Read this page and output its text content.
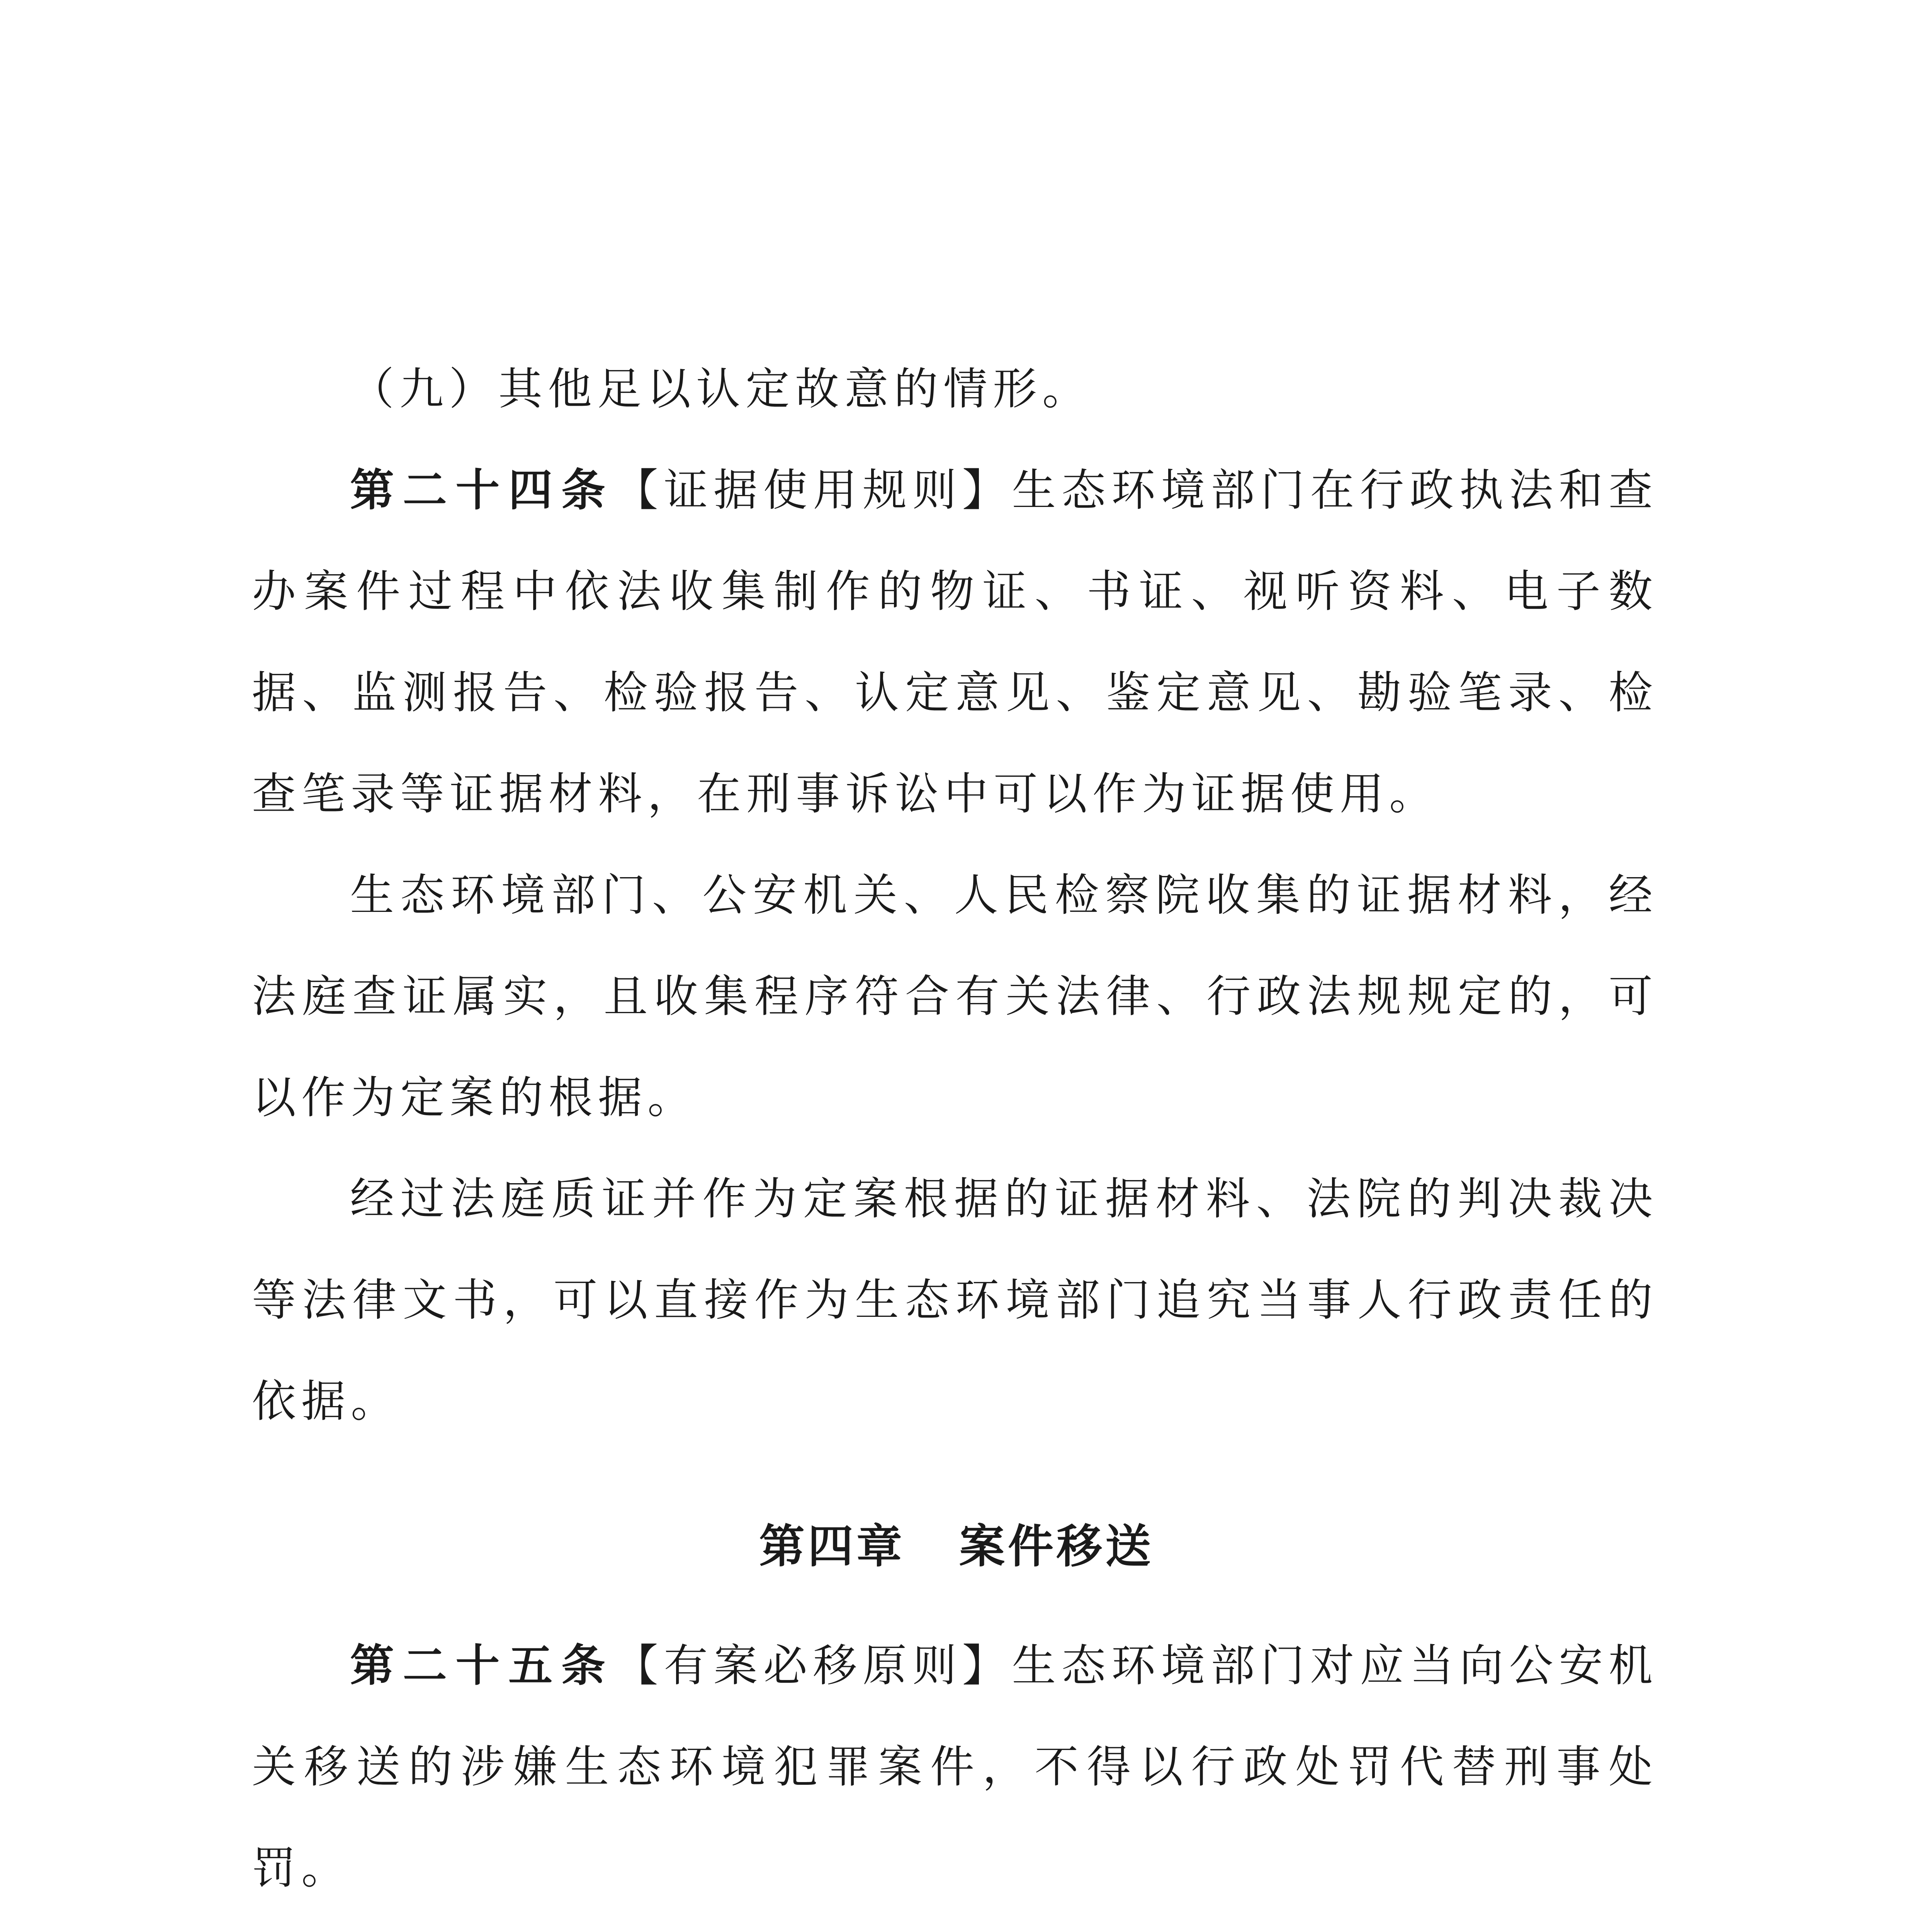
（九）其他足以认定故意的情形。

第二十四条【证据使用规则】生态环境部门在行政执法和查办案件过程中依法收集制作的物证、书证、视听资料、电子数据、监测报告、检验报告、认定意见、鉴定意见、勘验笔录、检查笔录等证据材料，在刑事诉讼中可以作为证据使用。

生态环境部门、公安机关、人民检察院收集的证据材料，经法庭查证属实，且收集程序符合有关法律、行政法规规定的，可以作为定案的根据。

经过法庭质证并作为定案根据的证据材料、法院的判决裁决等法律文书，可以直接作为生态环境部门追究当事人行政责任的依据。

第四章 案件移送

第二十五条【有案必移原则】生态环境部门对应当向公安机关移送的涉嫌生态环境犯罪案件，不得以行政处罚代替刑事处罚。
